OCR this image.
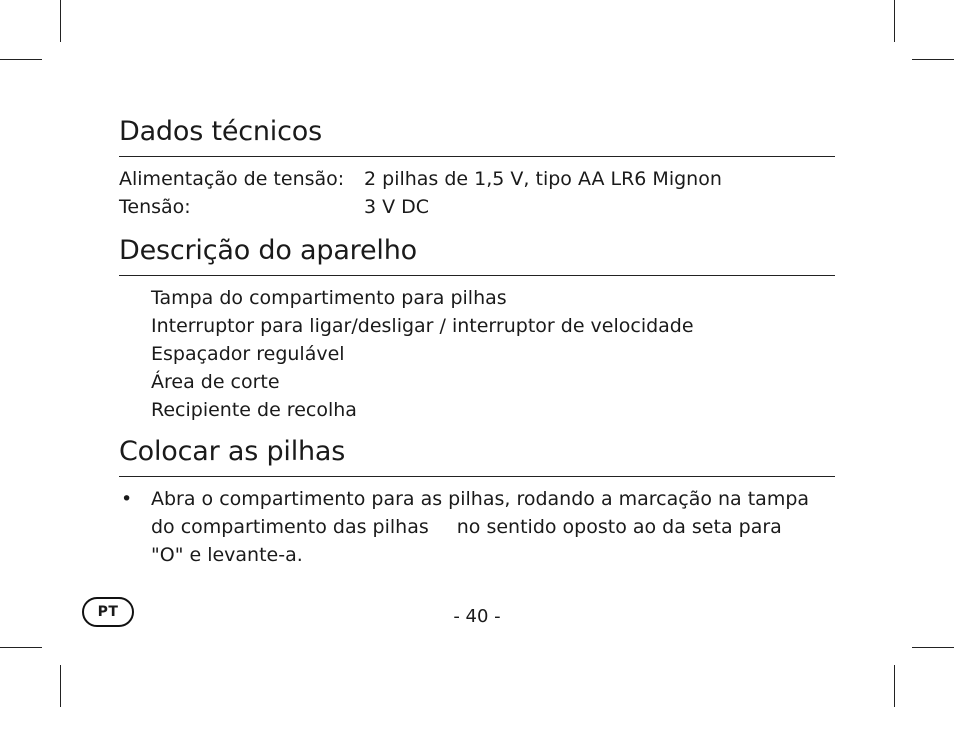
Dados técnicos
Alimentação de tensão:	2 pilhas de 1,5 V, tipo AA LR6 Mignon
Tensão:	3 V DC
Descrição do aparelho
Tampa do compartimento para pilhas
Interruptor para ligar/desligar / interruptor de velocidade
Espaçador regulável
Área de corte
Recipiente de recolha
Colocar as pilhas
• Abra o compartimento para as pilhas, rodando a marcação na tampa
do compartimento das pilhas no sentido oposto ao da seta para
"O" e levante-a.
PT	- 40 -
